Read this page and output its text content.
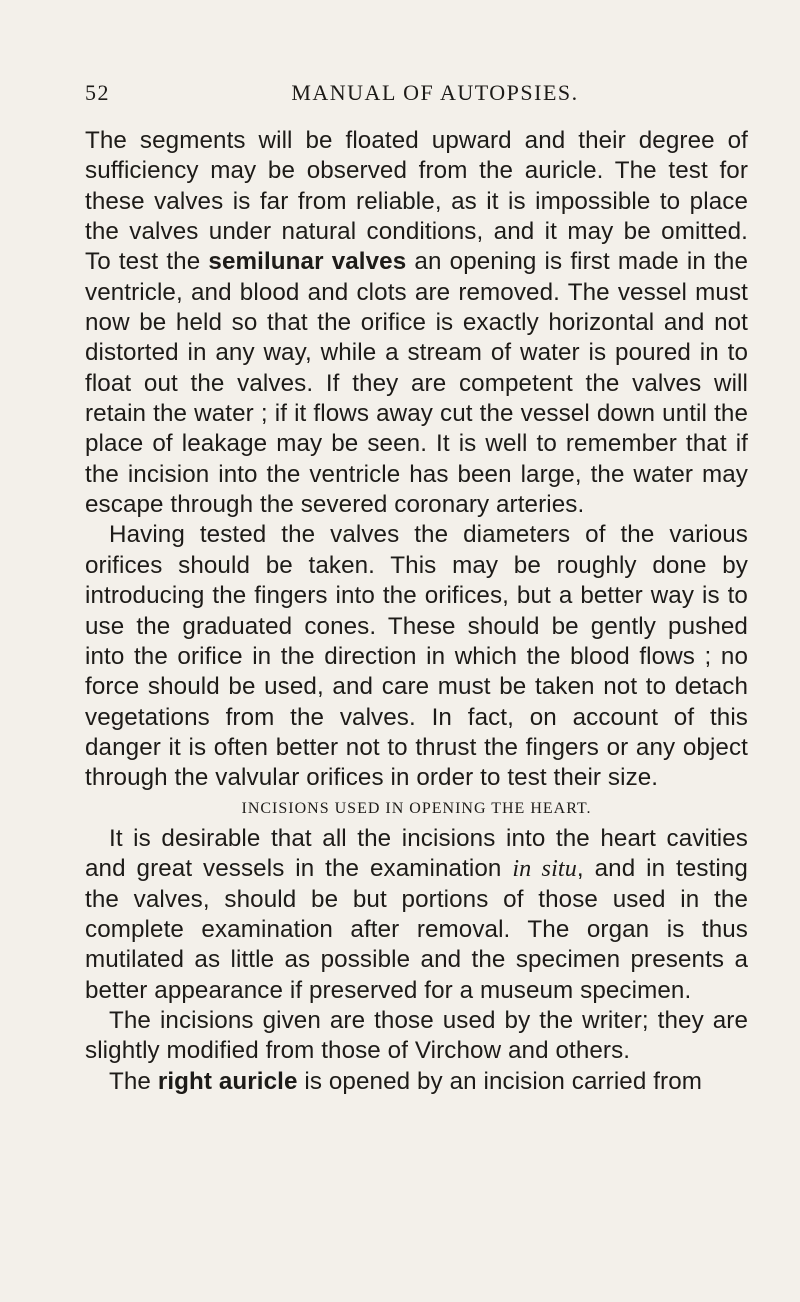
52	MANUAL OF AUTOPSIES.

The segments will be floated upward and their degree of sufficiency may be observed from the auricle. The test for these valves is far from reliable, as it is impossible to place the valves under natural conditions, and it may be omitted. To test the semilunar valves an opening is first made in the ventricle, and blood and clots are removed. The vessel must now be held so that the orifice is exactly horizontal and not distorted in any way, while a stream of water is poured in to float out the valves. If they are competent the valves will retain the water ; if it flows away cut the vessel down until the place of leakage may be seen. It is well to remember that if the incision into the ventricle has been large, the water may escape through the severed coronary arteries.

Having tested the valves the diameters of the various orifices should be taken. This may be roughly done by introducing the fingers into the orifices, but a better way is to use the graduated cones. These should be gently pushed into the orifice in the direction in which the blood flows ; no force should be used, and care must be taken not to detach vegetations from the valves. In fact, on account of this danger it is often better not to thrust the fingers or any object through the valvular orifices in order to test their size.

INCISIONS USED IN OPENING THE HEART.

It is desirable that all the incisions into the heart cavities and great vessels in the examination in situ, and in testing the valves, should be but portions of those used in the complete examination after removal. The organ is thus mutilated as little as possible and the specimen presents a better appearance if preserved for a museum specimen.

The incisions given are those used by the writer; they are slightly modified from those of Virchow and others.

The right auricle is opened by an incision carried from
